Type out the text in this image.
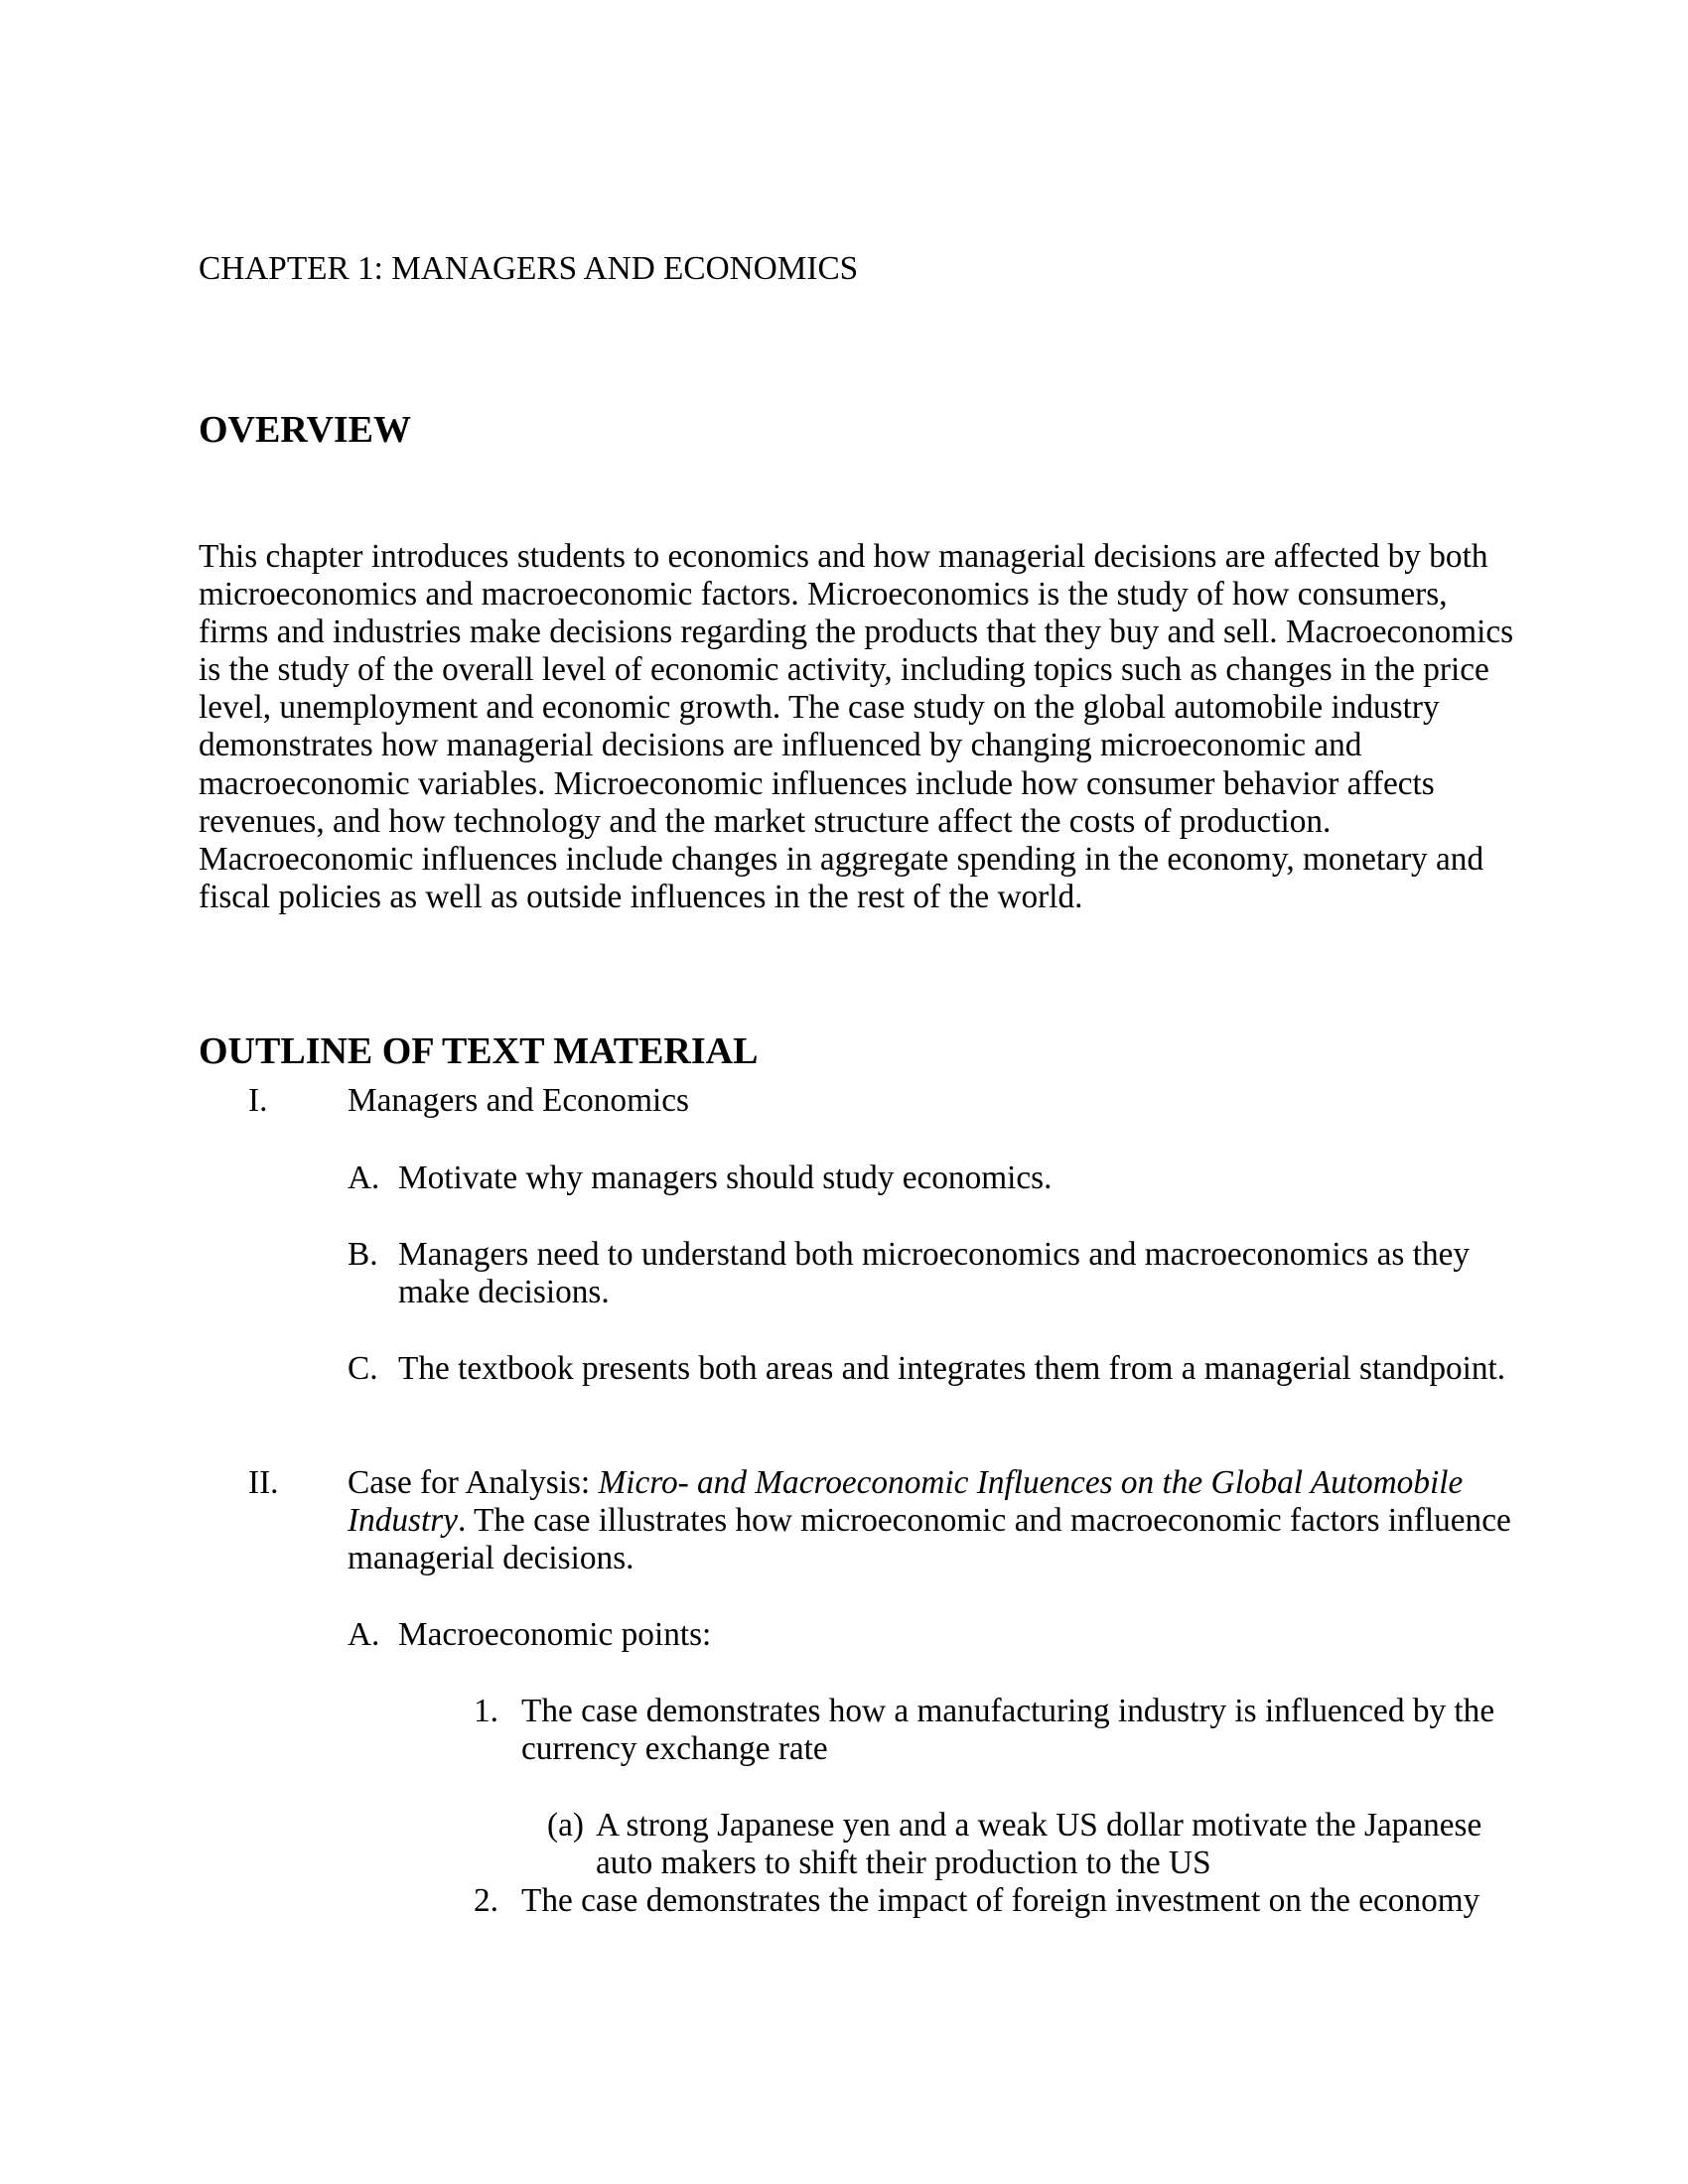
CHAPTER 1: MANAGERS AND ECONOMICS
OVERVIEW
This chapter introduces students to economics and how managerial decisions are affected by both
microeconomics and macroeconomic factors. Microeconomics is the study of how consumers,
firms and industries make decisions regarding the products that they buy and sell. Macroeconomics
is the study of the overall level of economic activity, including topics such as changes in the price
level, unemployment and economic growth. The case study on the global automobile industry
demonstrates how managerial decisions are influenced by changing microeconomic and
macroeconomic variables. Microeconomic influences include how consumer behavior affects
revenues, and how technology and the market structure affect the costs of production.
Macroeconomic influences include changes in aggregate spending in the economy, monetary and
fiscal policies as well as outside influences in the rest of the world.
OUTLINE OF TEXT MATERIAL
I. Managers and Economics
A. Motivate why managers should study economics.
B. Managers need to understand both microeconomics and macroeconomics as they
make decisions.
C. The textbook presents both areas and integrates them from a managerial standpoint.
II. Case for Analysis: Micro- and Macroeconomic Influences on the Global Automobile
Industry. The case illustrates how microeconomic and macroeconomic factors influence
managerial decisions.
A. Macroeconomic points:
1. The case demonstrates how a manufacturing industry is influenced by the
currency exchange rate
(a) A strong Japanese yen and a weak US dollar motivate the Japanese
auto makers to shift their production to the US
2. The case demonstrates the impact of foreign investment on the economy
